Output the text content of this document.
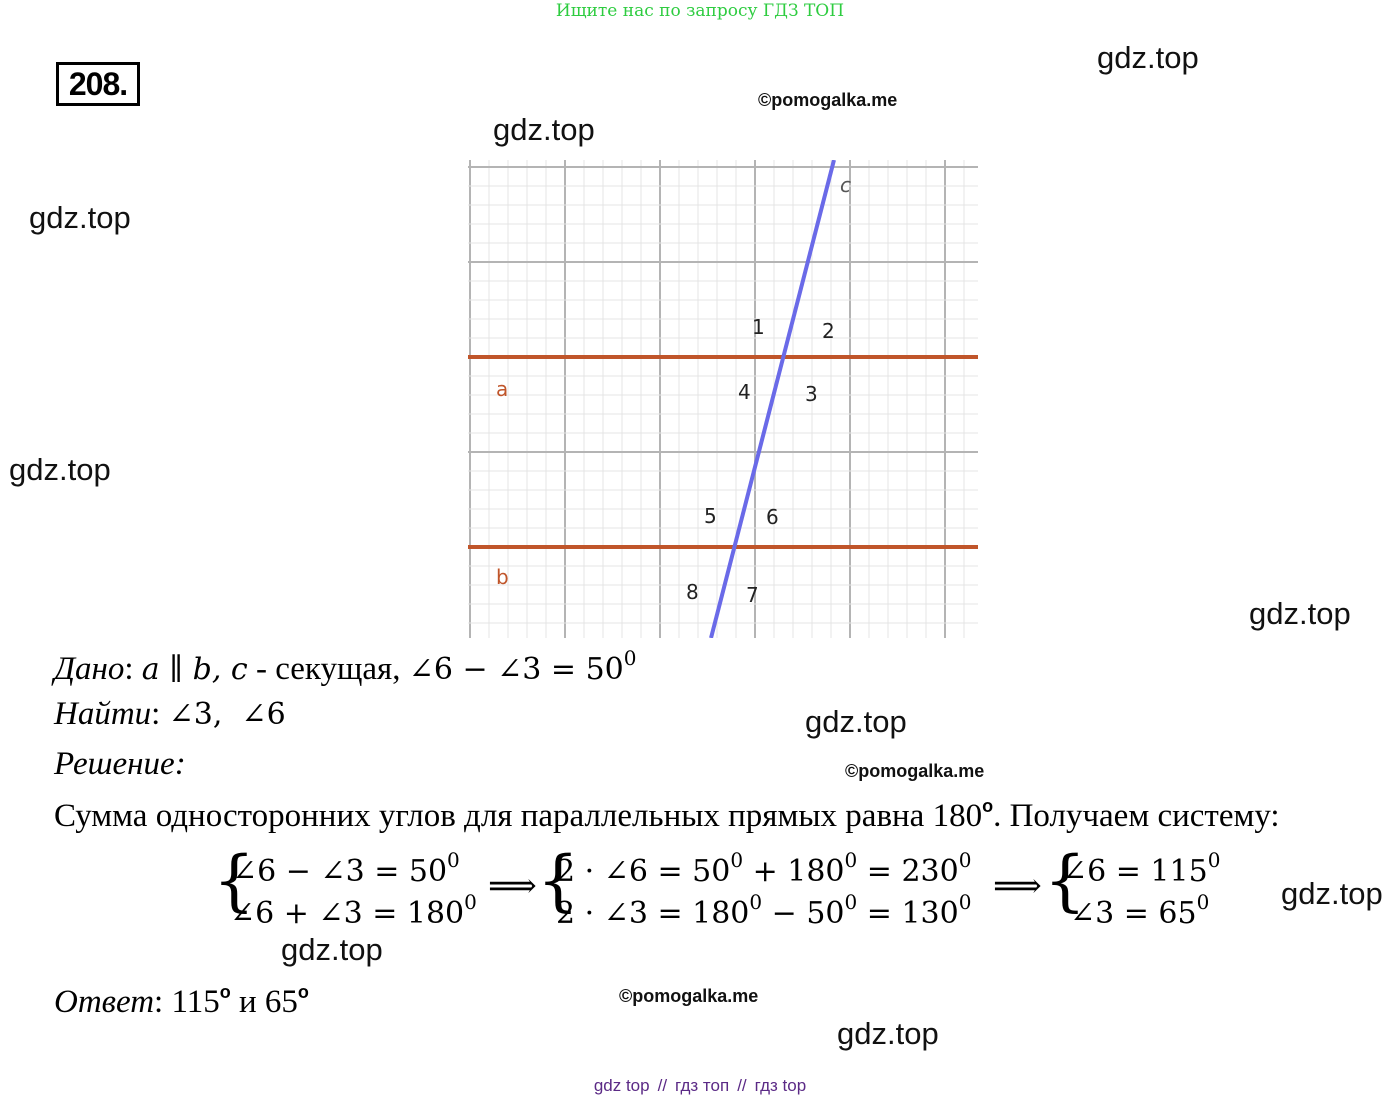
Ищите нас по запросу ГДЗ ТОП
208.
gdz.top
©pomogalka.me
gdz.top
gdz.top
gdz.top
gdz.top
gdz.top
©pomogalka.me
gdz.top
gdz.top
©pomogalka.me
gdz.top
a
b
c
1	2
3
4
5 6
7
8
Дано: a ∥ b, c - секущая, ∠6 − ∠3 = 500
Найти: ∠3,  ∠6
Решение:
Сумма односторонних углов для параллельных прямых равна 180$^o$. Получаем систему:
{
∠6 − ∠3 = $50^0$
∠6 + ∠3 = $180^0$ ⟹ {
2 · ∠6 = $50^0 + 180^0 = 230^0$
2 · ∠3 = $180^0 - 50^0 = 130^0$ ⟹ {
∠6 = $115^0$
∠3 = $65^0$
Ответ: 115$^o$ и 65$^o$
gdz top // гдз топ // гдз top
